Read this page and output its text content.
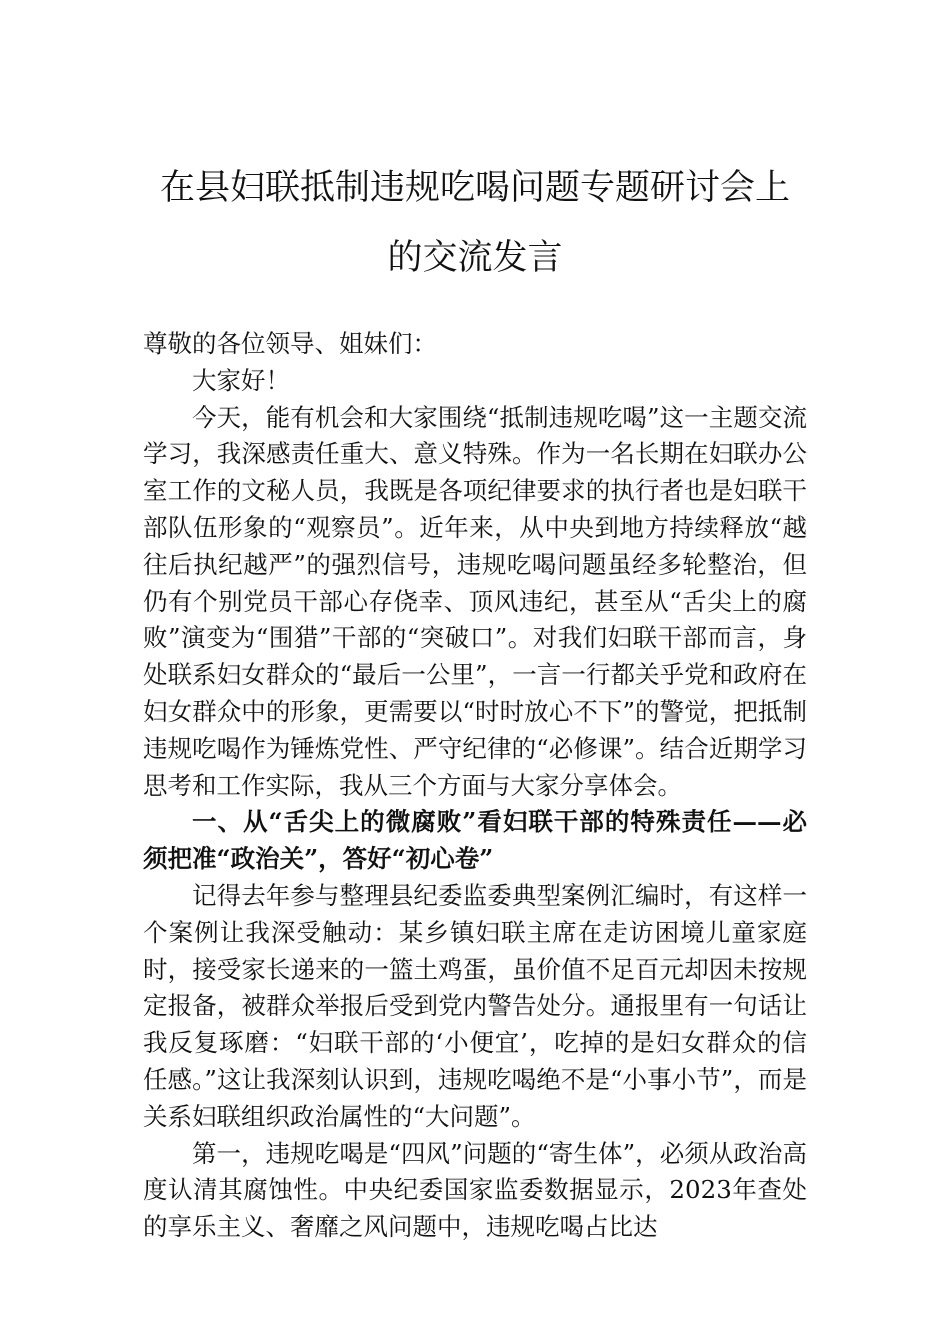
在县妇联抵制违规吃喝问题专题研讨会上
的交流发言

尊敬的各位领导、姐妹们：

大家好！

今天，能有机会和大家围绕“抵制违规吃喝”这一主题交流学习，我深感责任重大、意义特殊。作为一名长期在妇联办公室工作的文秘人员，我既是各项纪律要求的执行者也是妇联干部队伍形象的“观察员”。近年来，从中央到地方持续释放“越往后执纪越严”的强烈信号，违规吃喝问题虽经多轮整治，但仍有个别党员干部心存侥幸、顶风违纪，甚至从“舌尖上的腐败”演变为“围猎”干部的“突破口”。对我们妇联干部而言，身处联系妇女群众的“最后一公里”，一言一行都关乎党和政府在妇女群众中的形象，更需要以“时时放心不下”的警觉，把抵制违规吃喝作为锤炼党性、严守纪律的“必修课”。结合近期学习思考和工作实际，我从三个方面与大家分享体会。

一、从“舌尖上的微腐败”看妇联干部的特殊责任——必须把准“政治关”，答好“初心卷”

记得去年参与整理县纪委监委典型案例汇编时，有这样一个案例让我深受触动：某乡镇妇联主席在走访困境儿童家庭时，接受家长递来的一篮土鸡蛋，虽价值不足百元却因未按规定报备，被群众举报后受到党内警告处分。通报里有一句话让我反复琢磨：“妇联干部的‘小便宜’，吃掉的是妇女群众的信任感。”这让我深刻认识到，违规吃喝绝不是“小事小节”，而是关系妇联组织政治属性的“大问题”。

第一，违规吃喝是“四风”问题的“寄生体”，必须从政治高度认清其腐蚀性。中央纪委国家监委数据显示，2023年查处的享乐主义、奢靡之风问题中，违规吃喝占比达
